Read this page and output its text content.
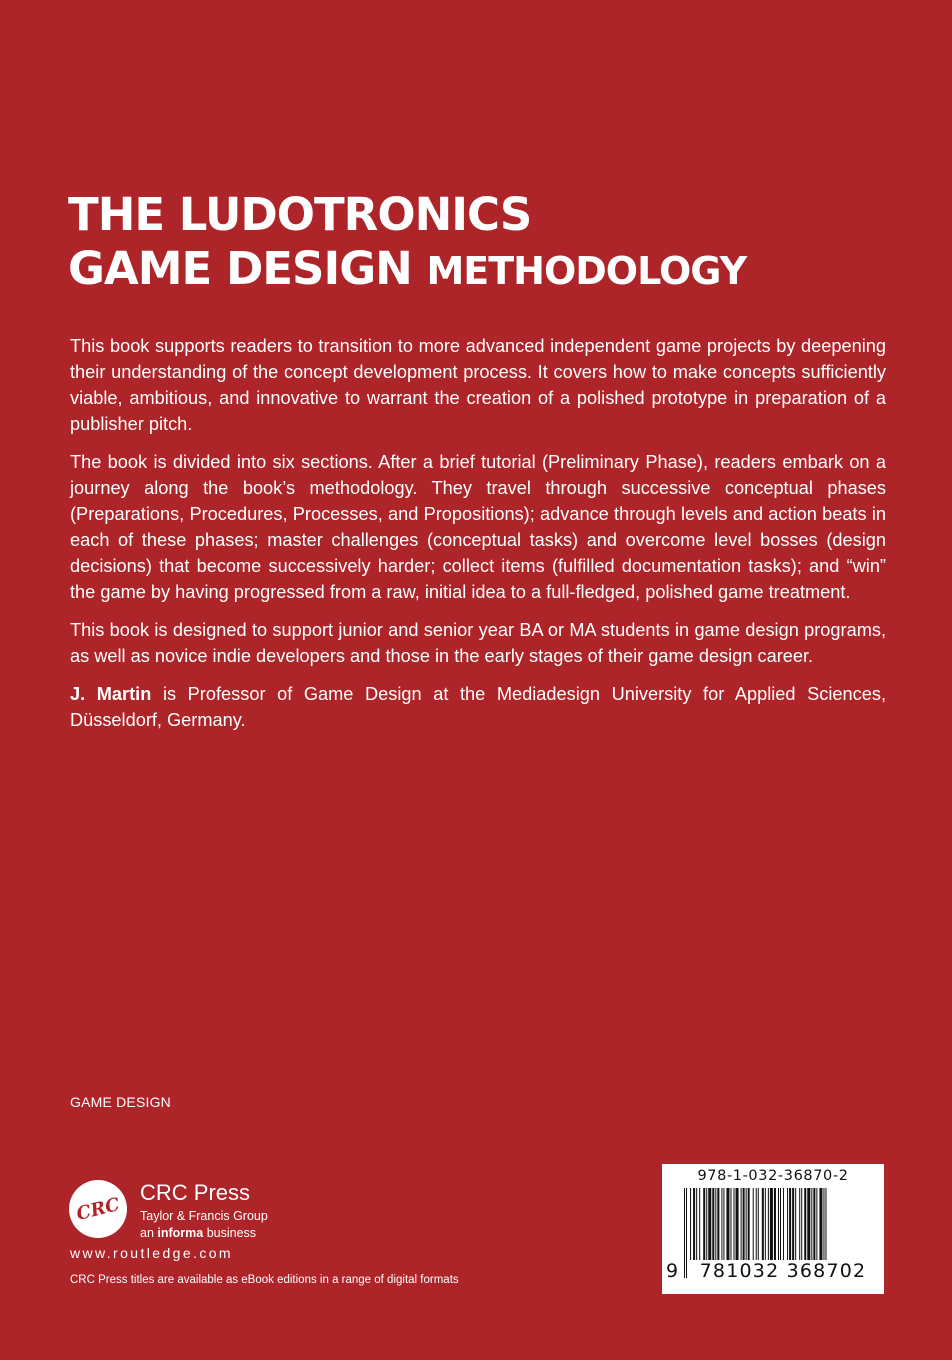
THE LUDOTRONICS
GAME DESIGN METHODOLOGY

This book supports readers to transition to more advanced independent game projects by deepening their understanding of the concept development process. It covers how to make concepts sufficiently viable, ambitious, and innovative to warrant the creation of a polished prototype in preparation of a publisher pitch.

The book is divided into six sections. After a brief tutorial (Preliminary Phase), readers embark on a journey along the book’s methodology. They travel through successive conceptual phases (Preparations, Procedures, Processes, and Propositions); advance through levels and action beats in each of these phases; master challenges (conceptual tasks) and overcome level bosses (design decisions) that become successively harder; collect items (fulfilled documentation tasks); and “win” the game by having progressed from a raw, initial idea to a full-fledged, polished game treatment.

This book is designed to support junior and senior year BA or MA students in game design programs, as well as novice indie developers and those in the early stages of their game design career.

J. Martin is Professor of Game Design at the Mediadesign University for Applied Sciences, Düsseldorf, Germany.

GAME DESIGN
CRC
CRC Press
Taylor & Francis Group
an informa business
www.routledge.com
CRC Press titles are available as eBook editions in a range of digital formats
978-1-032-36870-2
9	781032 368702
